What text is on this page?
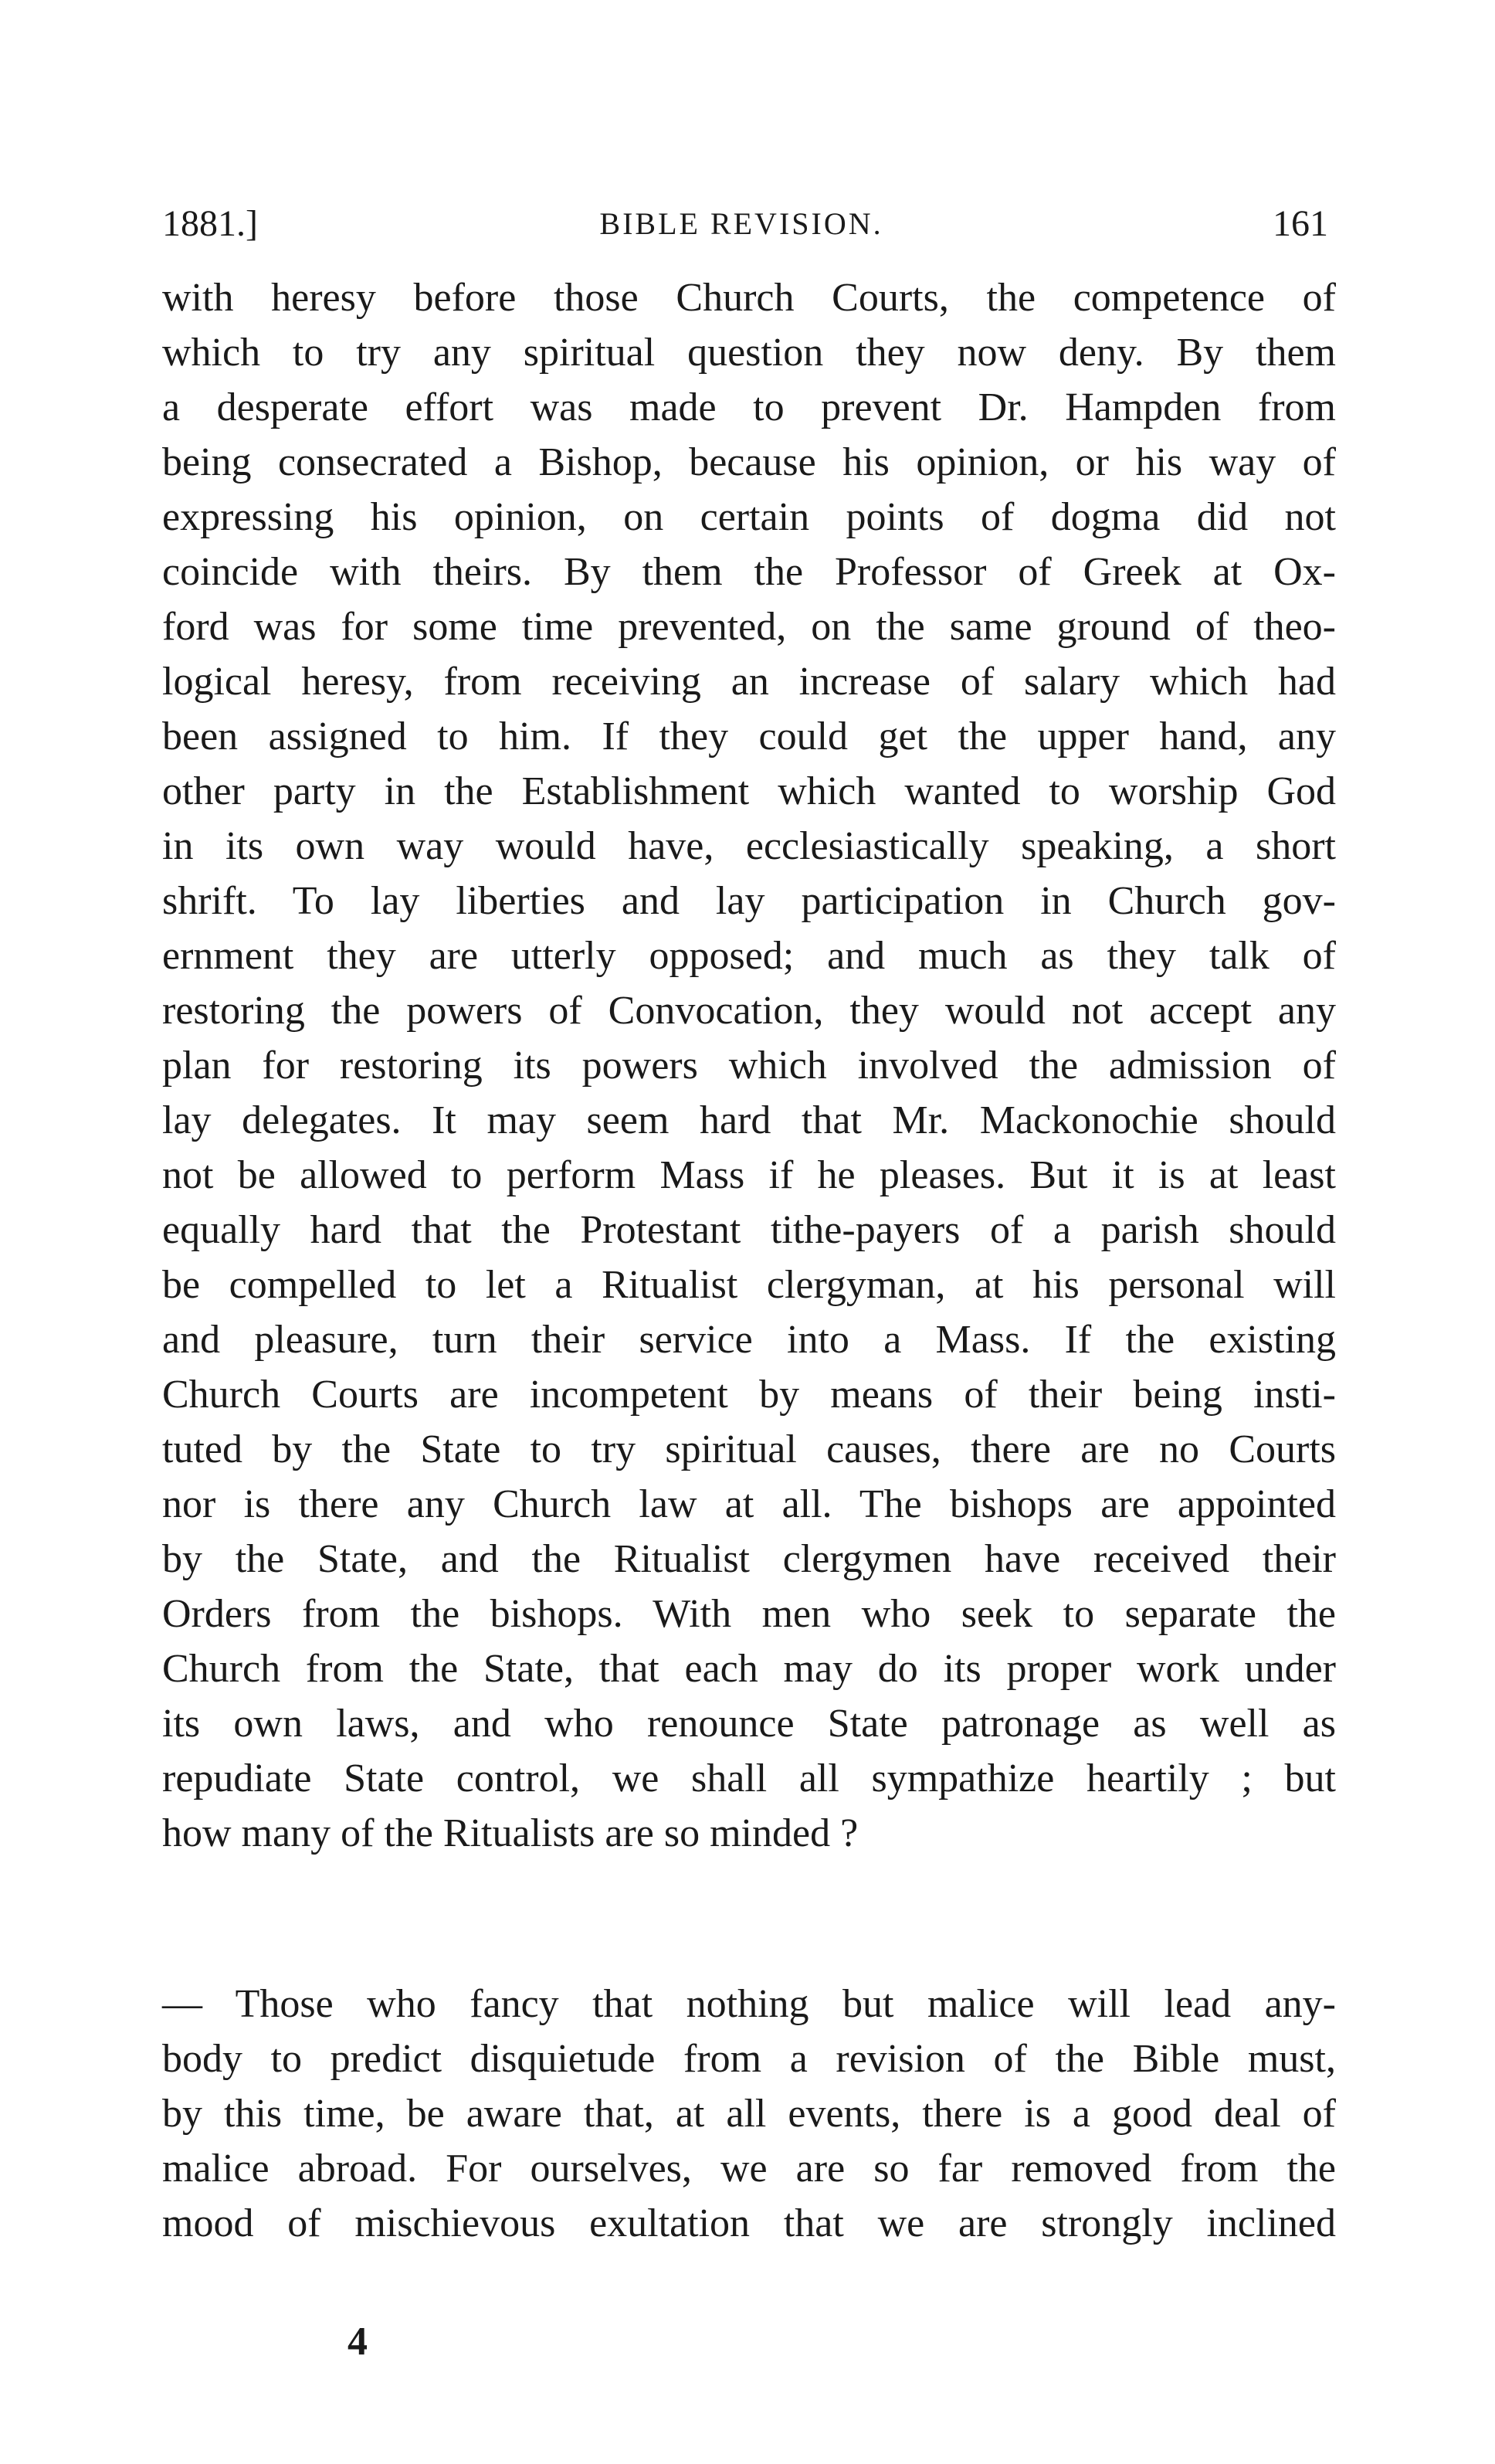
1881.]	BIBLE REVISION.	161
with heresy before those Church Courts, the competence of
which to try any spiritual question they now deny. By them
a desperate effort was made to prevent Dr. Hampden from
being consecrated a Bishop, because his opinion, or his way of
expressing his opinion, on certain points of dogma did not
coincide with theirs. By them the Professor of Greek at Ox-
ford was for some time prevented, on the same ground of theo-
logical heresy, from receiving an increase of salary which had
been assigned to him. If they could get the upper hand, any
other party in the Establishment which wanted to worship God
in its own way would have, ecclesiastically speaking, a short
shrift. To lay liberties and lay participation in Church gov-
ernment they are utterly opposed; and much as they talk of
restoring the powers of Convocation, they would not accept any
plan for restoring its powers which involved the admission of
lay delegates. It may seem hard that Mr. Mackonochie should
not be allowed to perform Mass if he pleases. But it is at least
equally hard that the Protestant tithe-payers of a parish should
be compelled to let a Ritualist clergyman, at his personal will
and pleasure, turn their service into a Mass. If the existing
Church Courts are incompetent by means of their being insti-
tuted by the State to try spiritual causes, there are no Courts
nor is there any Church law at all. The bishops are appointed
by the State, and the Ritualist clergymen have received their
Orders from the bishops. With men who seek to separate the
Church from the State, that each may do its proper work under
its own laws, and who renounce State patronage as well as
repudiate State control, we shall all sympathize heartily ; but
how many of the Ritualists are so minded ?
— Those who fancy that nothing but malice will lead any-
body to predict disquietude from a revision of the Bible must,
by this time, be aware that, at all events, there is a good deal of
malice abroad. For ourselves, we are so far removed from the
mood of mischievous exultation that we are strongly inclined
4
